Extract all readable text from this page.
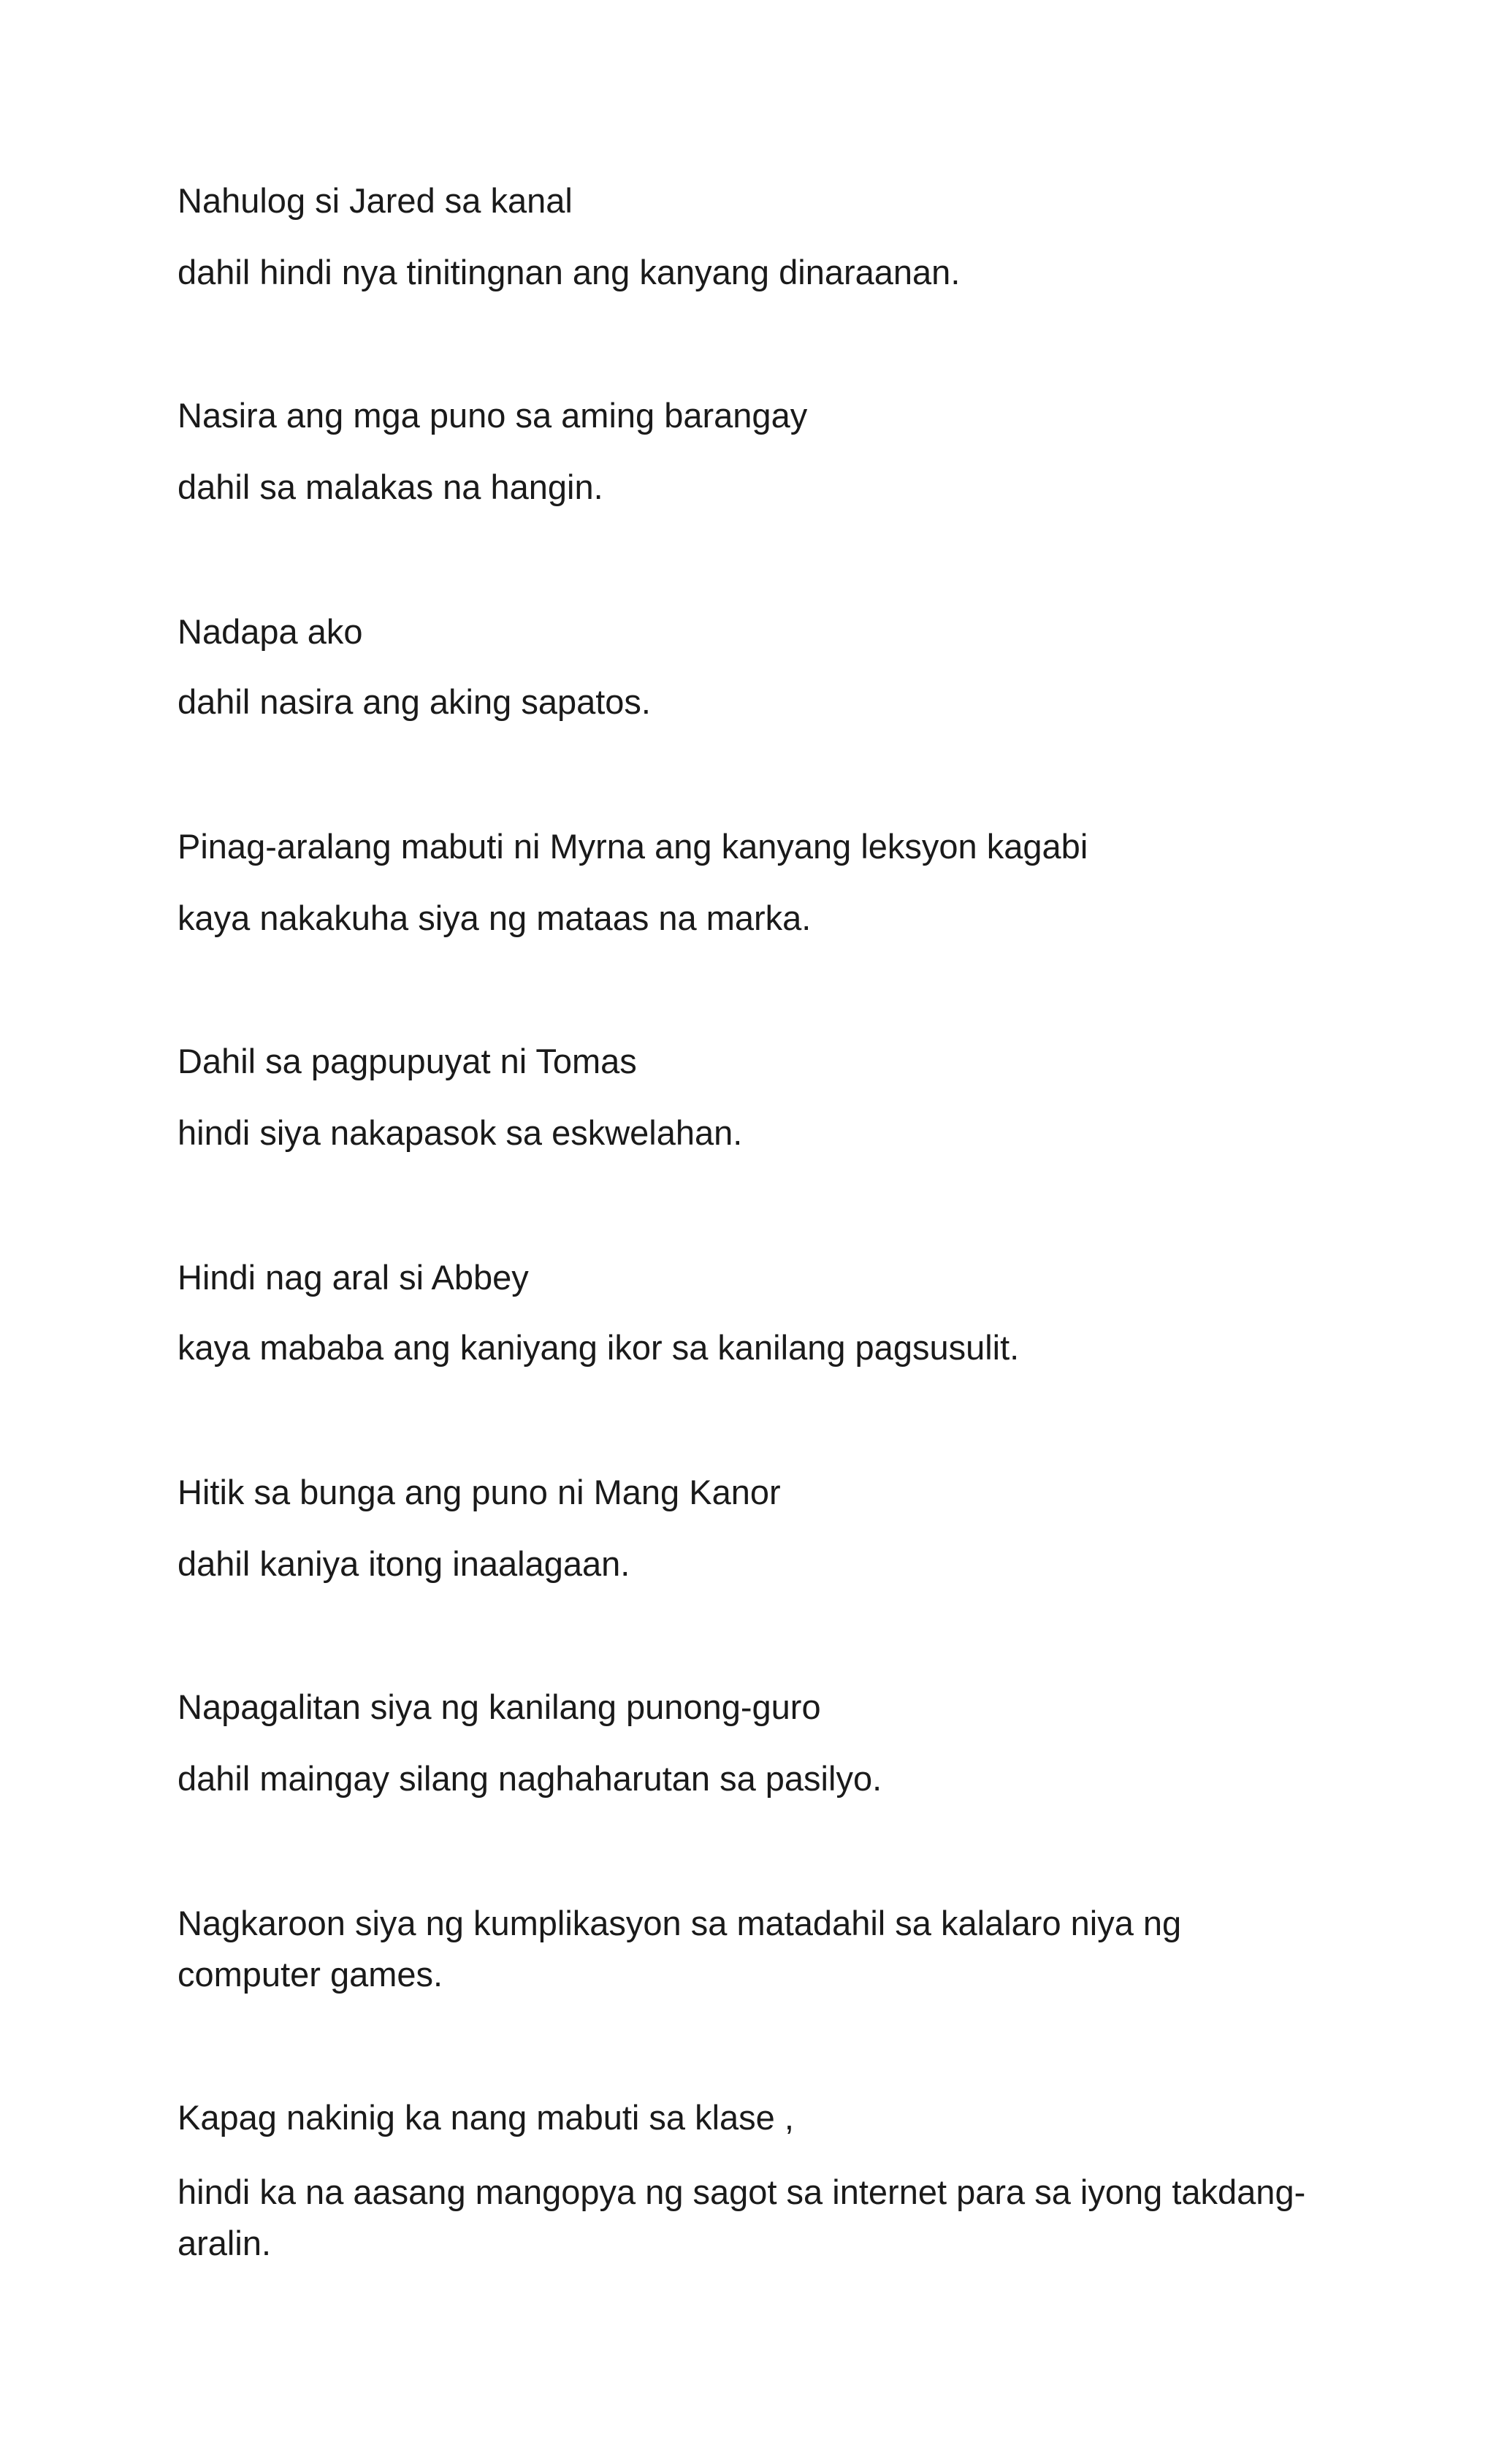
Nahulog si Jared sa kanal
dahil hindi nya tinitingnan ang kanyang dinaraanan.
Nasira ang mga puno sa aming barangay
dahil sa malakas na hangin.
Nadapa ako
dahil nasira ang aking sapatos.
Pinag-aralang mabuti ni Myrna ang kanyang leksyon kagabi
kaya nakakuha siya ng mataas na marka.
Dahil sa pagpupuyat ni Tomas
hindi siya nakapasok sa eskwelahan.
Hindi nag aral si Abbey
kaya mababa ang kaniyang ikor sa kanilang pagsusulit.
Hitik sa bunga ang puno ni Mang Kanor
dahil kaniya itong inaalagaan.
Napagalitan siya ng kanilang punong-guro
dahil maingay silang naghaharutan sa pasilyo.
Nagkaroon siya ng kumplikasyon sa matadahil sa kalalaro niya ng computer games.
Kapag nakinig ka nang mabuti sa klase ,
hindi ka na aasang mangopya ng sagot sa internet para sa iyong takdang-aralin.
